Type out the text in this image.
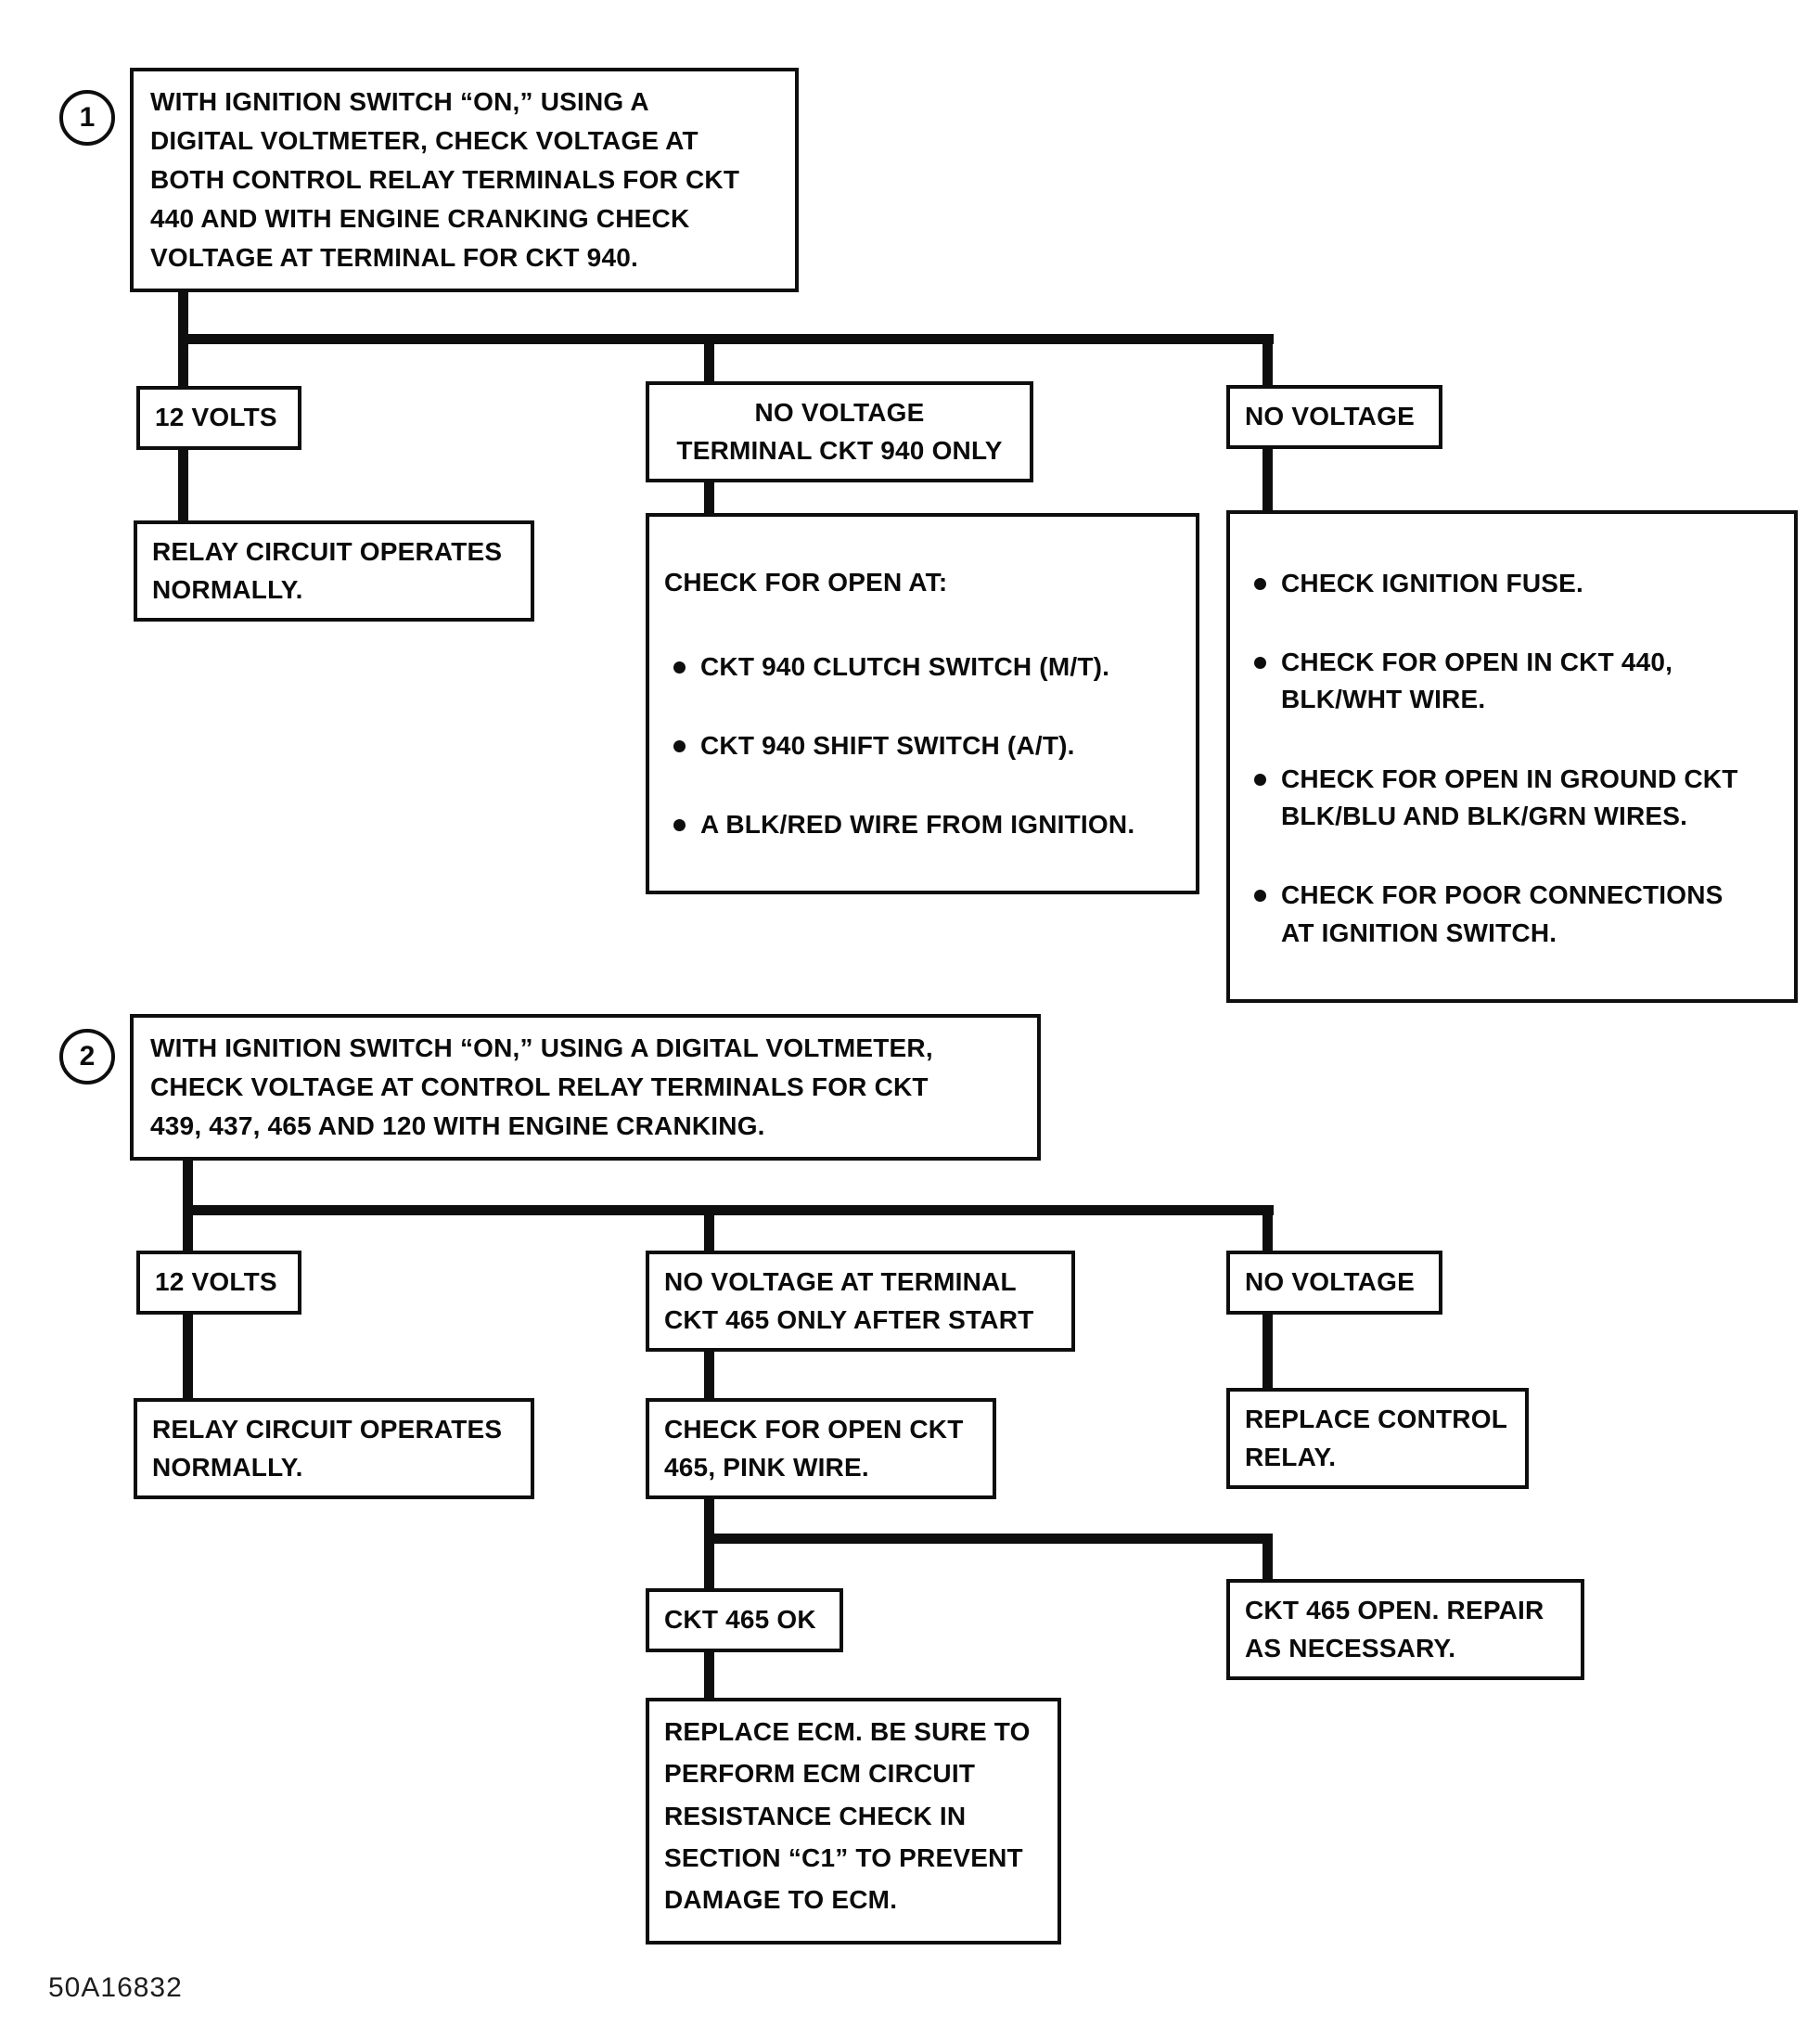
1
WITH IGNITION SWITCH “ON,” USING A
DIGITAL VOLTMETER, CHECK VOLTAGE AT
BOTH CONTROL RELAY TERMINALS FOR CKT
440 AND WITH ENGINE CRANKING CHECK
VOLTAGE AT TERMINAL FOR CKT 940.
12 VOLTS
RELAY CIRCUIT OPERATES
NORMALLY.
NO VOLTAGE
TERMINAL CKT 940 ONLY

CHECK FOR OPEN AT:

CKT 940 CLUTCH SWITCH (M/T).

CKT 940 SHIFT SWITCH (A/T).

A BLK/RED WIRE FROM IGNITION.

NO VOLTAGE

CHECK IGNITION FUSE.

CHECK FOR OPEN IN CKT 440,
BLK/WHT WIRE.

CHECK FOR OPEN IN GROUND CKT
BLK/BLU AND BLK/GRN WIRES.

CHECK FOR POOR CONNECTIONS
AT IGNITION SWITCH.

2	WITH IGNITION SWITCH “ON,” USING A DIGITAL VOLTMETER,
CHECK VOLTAGE AT CONTROL RELAY TERMINALS FOR CKT
439, 437, 465 AND 120 WITH ENGINE CRANKING.
12 VOLTS
RELAY CIRCUIT OPERATES
NORMALLY.
NO VOLTAGE AT TERMINAL
CKT 465 ONLY AFTER START
CHECK FOR OPEN CKT
465, PINK WIRE.
CKT 465 OK
REPLACE ECM. BE SURE TO
PERFORM ECM CIRCUIT
RESISTANCE CHECK IN
SECTION “C1” TO PREVENT
DAMAGE TO ECM.
CKT 465 OPEN. REPAIR
AS NECESSARY.
NO VOLTAGE
REPLACE CONTROL
RELAY.
50A16832
